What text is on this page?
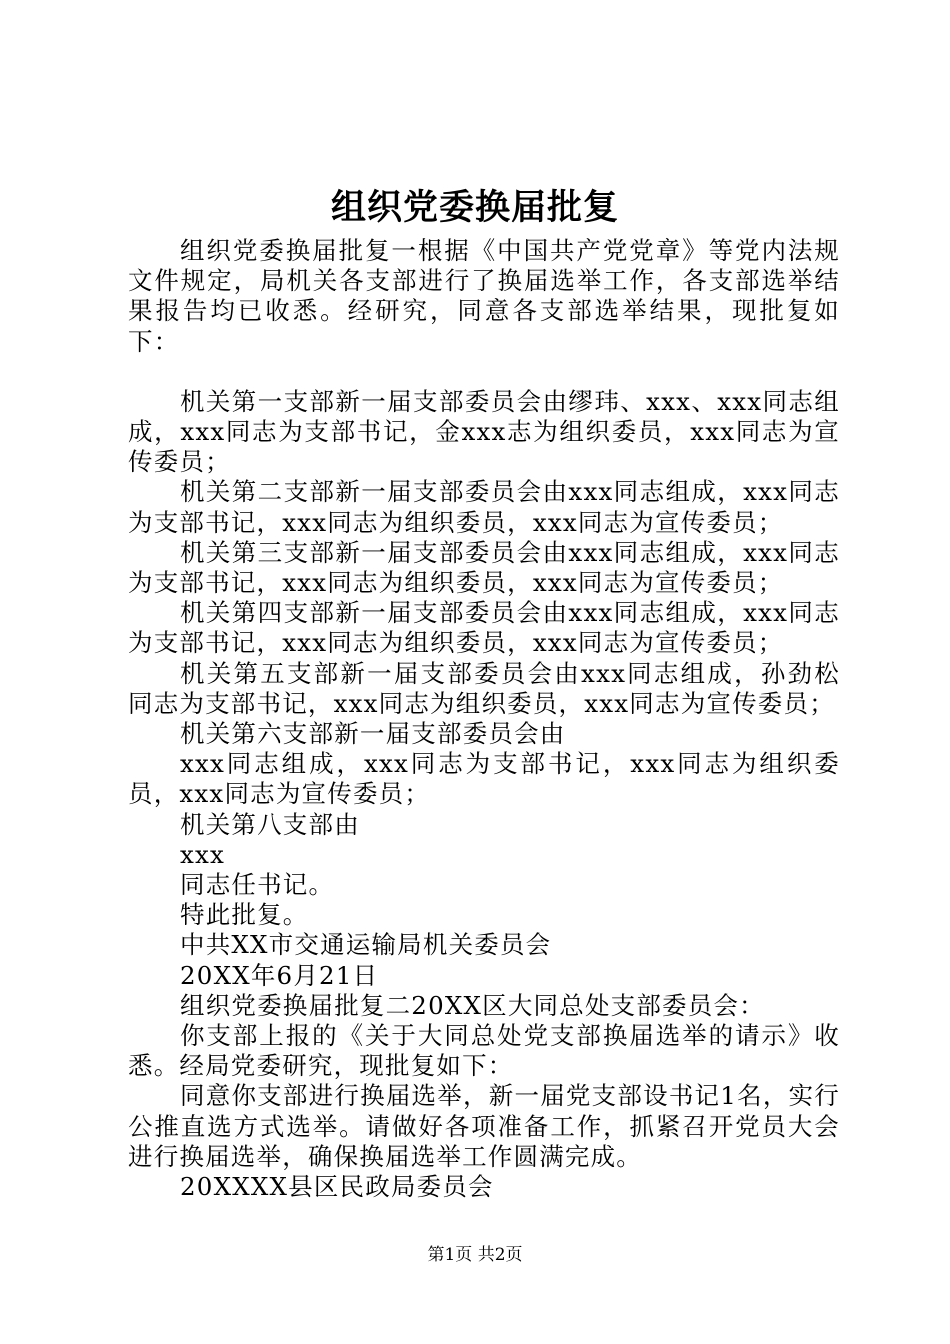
组织党委换届批复

组织党委换届批复一根据《中国共产党党章》等党内法规文件规定，局机关各支部进行了换届选举工作，各支部选举结果报告均已收悉。经研究，同意各支部选举结果，现批复如下：

机关第一支部新一届支部委员会由缪玮、xxx、xxx同志组成，xxx同志为支部书记，金xxx志为组织委员，xxx同志为宣传委员；

机关第二支部新一届支部委员会由xxx同志组成，xxx同志为支部书记，xxx同志为组织委员，xxx同志为宣传委员；

机关第三支部新一届支部委员会由xxx同志组成，xxx同志为支部书记，xxx同志为组织委员，xxx同志为宣传委员；

机关第四支部新一届支部委员会由xxx同志组成，xxx同志为支部书记，xxx同志为组织委员，xxx同志为宣传委员；

机关第五支部新一届支部委员会由xxx同志组成，孙劲松同志为支部书记，xxx同志为组织委员，xxx同志为宣传委员；

机关第六支部新一届支部委员会由

xxx同志组成，xxx同志为支部书记，xxx同志为组织委员，xxx同志为宣传委员；

机关第八支部由

xxx

同志任书记。

特此批复。

中共XX市交通运输局机关委员会

20XX年6月21日

组织党委换届批复二20XX区大同总处支部委员会：

你支部上报的《关于大同总处党支部换届选举的请示》收悉。经局党委研究，现批复如下：

同意你支部进行换届选举，新一届党支部设书记1名，实行公推直选方式选举。请做好各项准备工作，抓紧召开党员大会进行换届选举，确保换届选举工作圆满完成。

20XXXX县区民政局委员会

第1页 共2页
